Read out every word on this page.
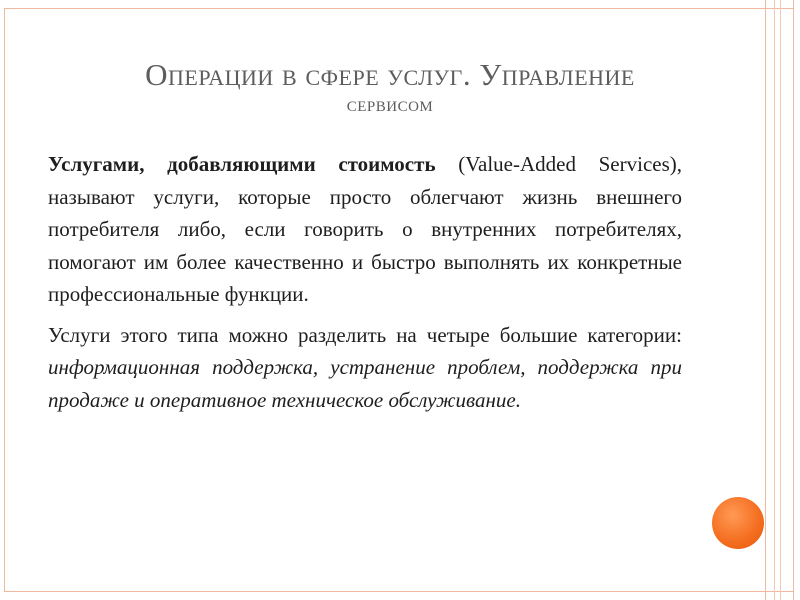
Операции в сфере услуг. Управление
сервисом

Услугами, добавляющими стоимость (Value-Added Services), называют услуги, которые просто облегчают жизнь внешнего потребителя либо, если говорить о внутренних потребителях, помогают им более качественно и быстро выполнять их конкретные профессиональные функции.

Услуги этого типа можно разделить на четыре большие категории: информационная поддержка, устранение проблем, поддержка при продаже и оперативное техническое обслуживание.
